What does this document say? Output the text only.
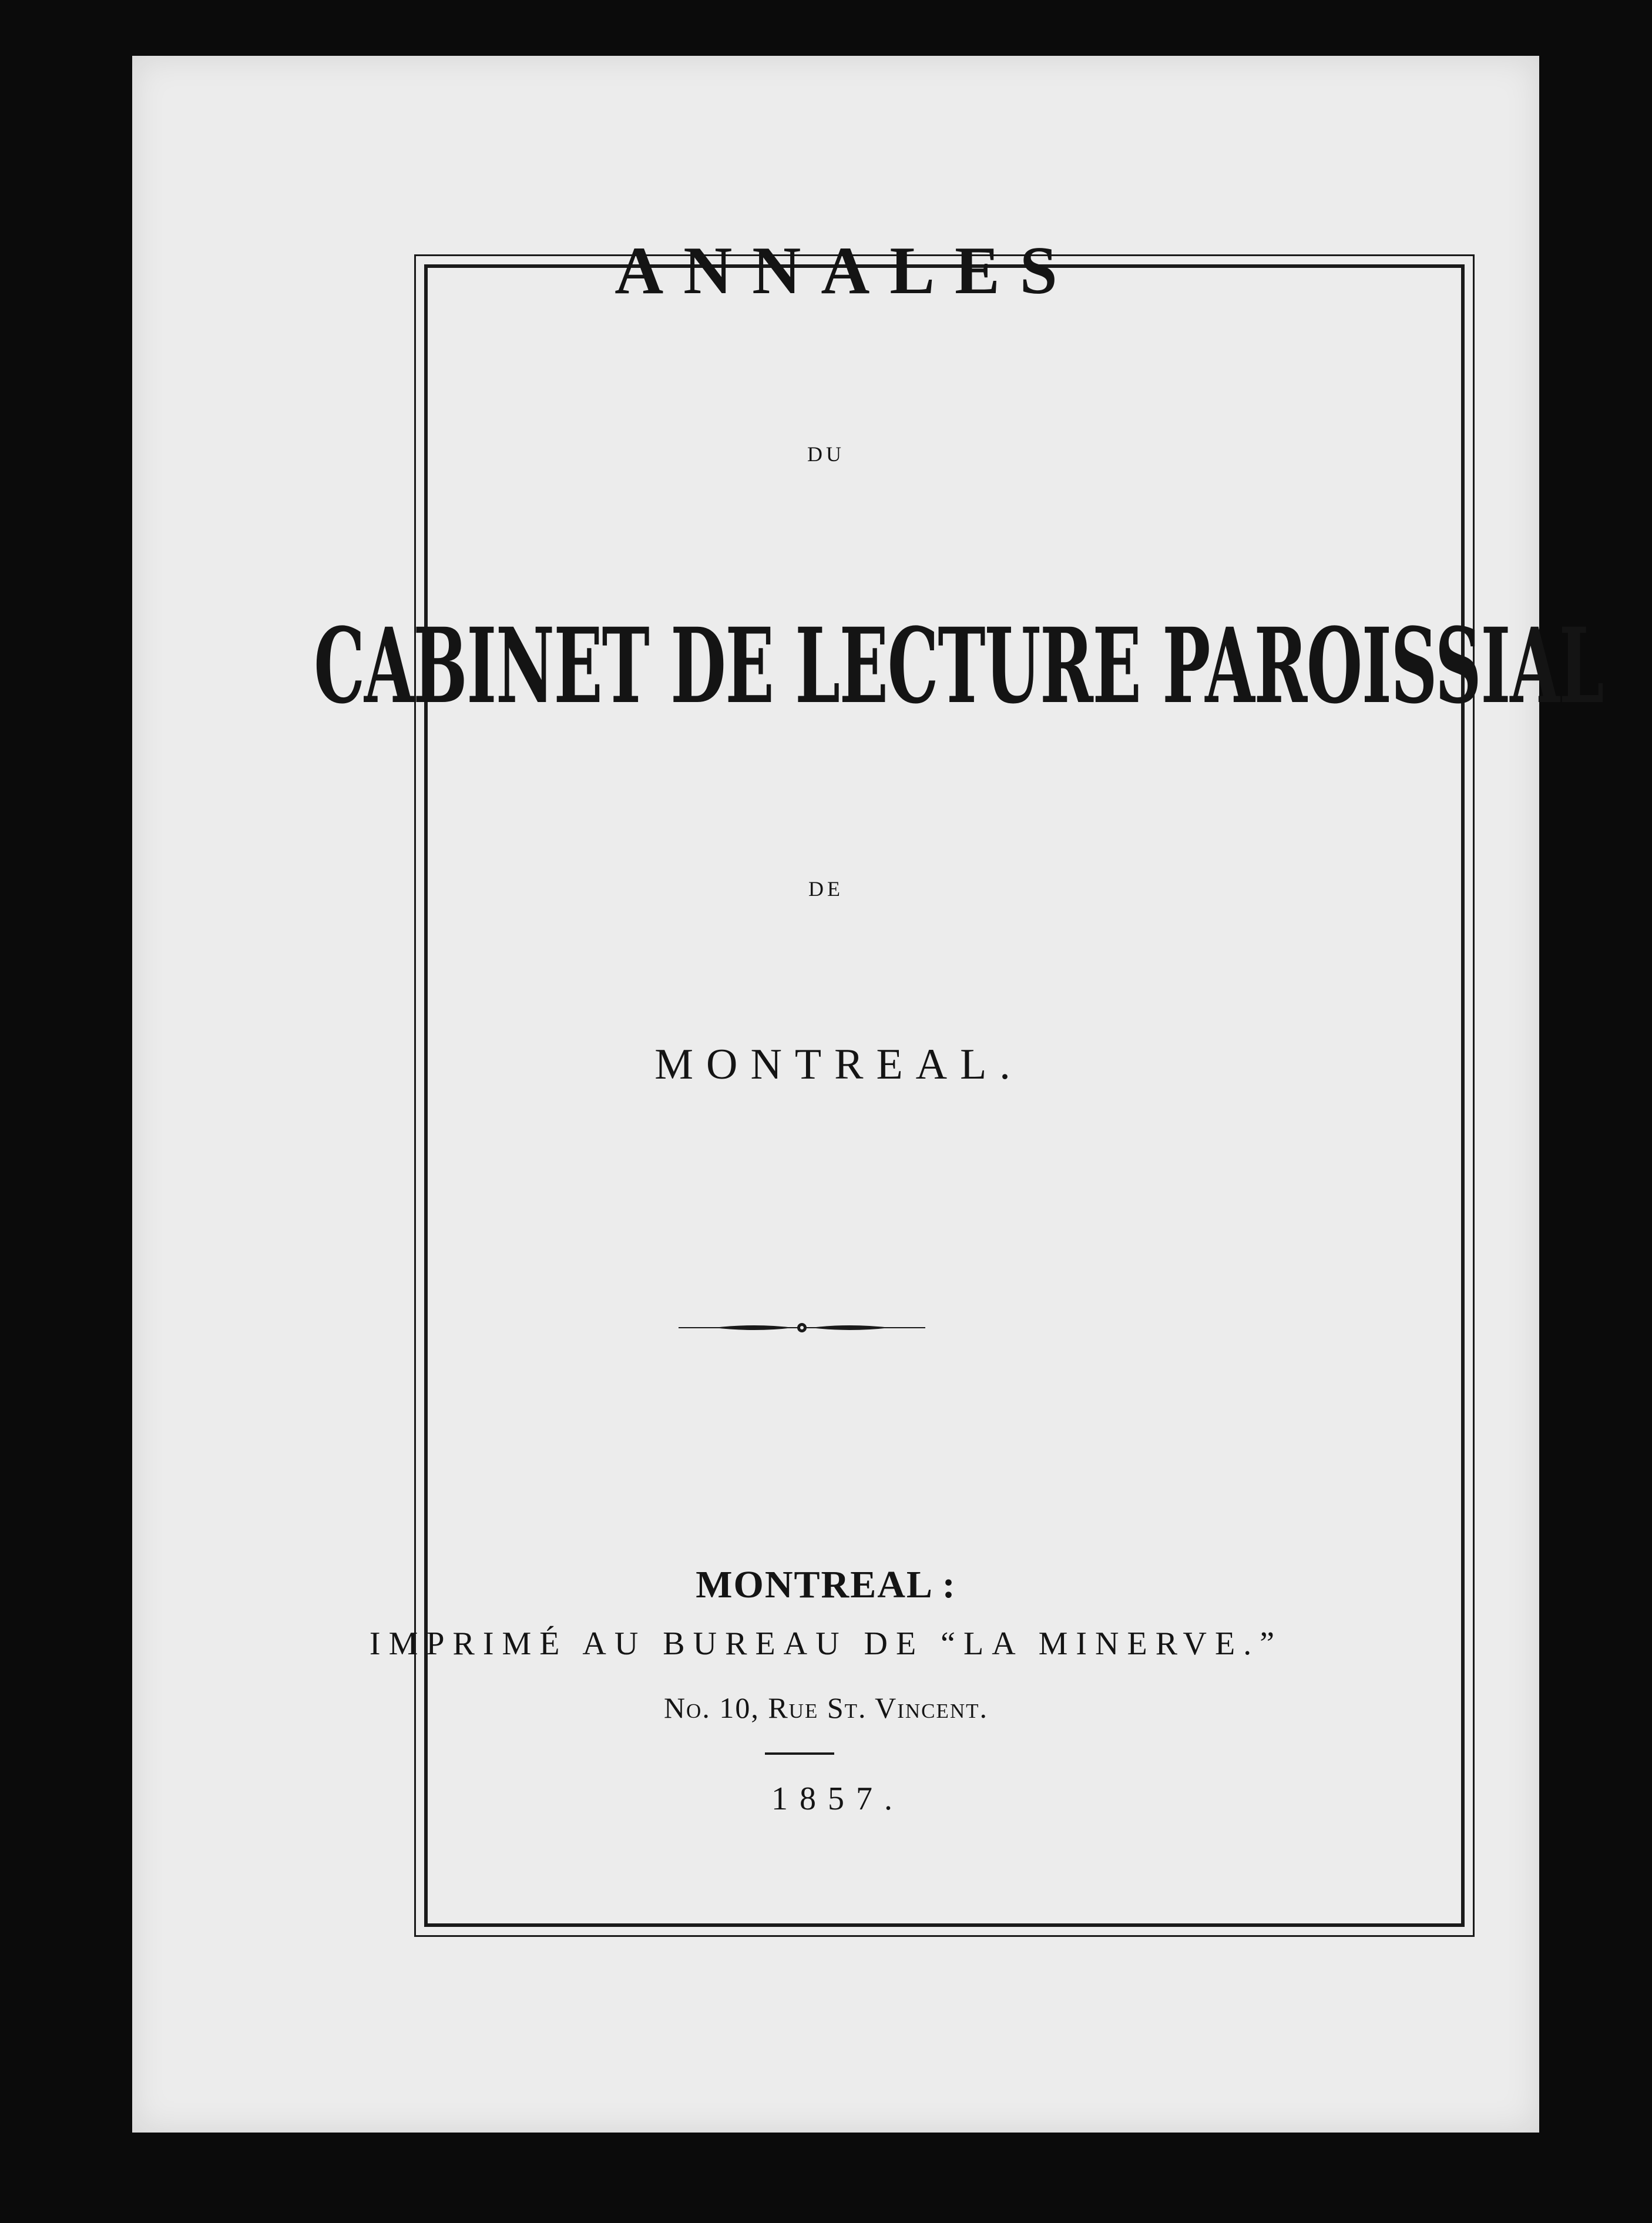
ANNALES
DU
CABINET DE LECTURE PAROISSIAL
DE
MONTREAL.
MONTREAL :
IMPRIMÉ AU BUREAU DE “LA MINERVE.”
No. 10, Rue St. Vincent.
1857.
